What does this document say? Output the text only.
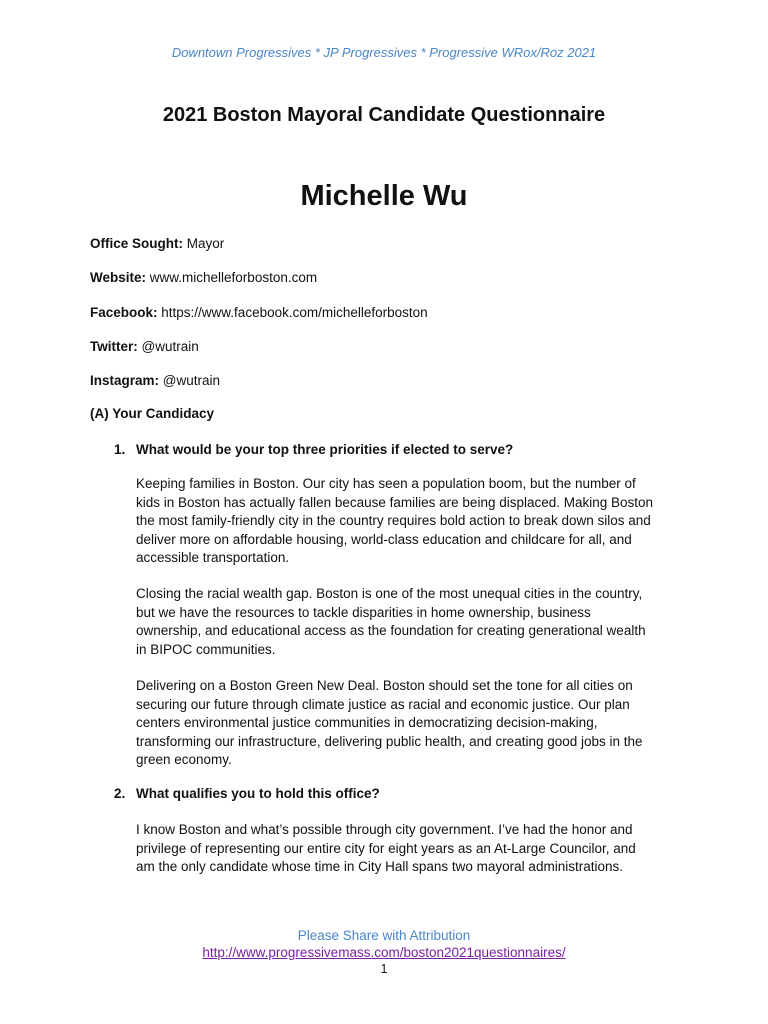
Downtown Progressives * JP Progressives * Progressive WRox/Roz 2021
2021 Boston Mayoral Candidate Questionnaire
Michelle Wu
Office Sought: Mayor
Website: www.michelleforboston.com
Facebook: https://www.facebook.com/michelleforboston
Twitter: @wutrain
Instagram: @wutrain
(A) Your Candidacy
1. What would be your top three priorities if elected to serve?

Keeping families in Boston. Our city has seen a population boom, but the number of kids in Boston has actually fallen because families are being displaced. Making Boston the most family-friendly city in the country requires bold action to break down silos and deliver more on affordable housing, world-class education and childcare for all, and accessible transportation.

Closing the racial wealth gap. Boston is one of the most unequal cities in the country, but we have the resources to tackle disparities in home ownership, business ownership, and educational access as the foundation for creating generational wealth in BIPOC communities.

Delivering on a Boston Green New Deal. Boston should set the tone for all cities on securing our future through climate justice as racial and economic justice. Our plan centers environmental justice communities in democratizing decision-making, transforming our infrastructure, delivering public health, and creating good jobs in the green economy.

2. What qualifies you to hold this office?

I know Boston and what’s possible through city government. I’ve had the honor and privilege of representing our entire city for eight years as an At-Large Councilor, and am the only candidate whose time in City Hall spans two mayoral administrations.

Please Share with Attribution
http://www.progressivemass.com/boston2021questionnaires/
1
